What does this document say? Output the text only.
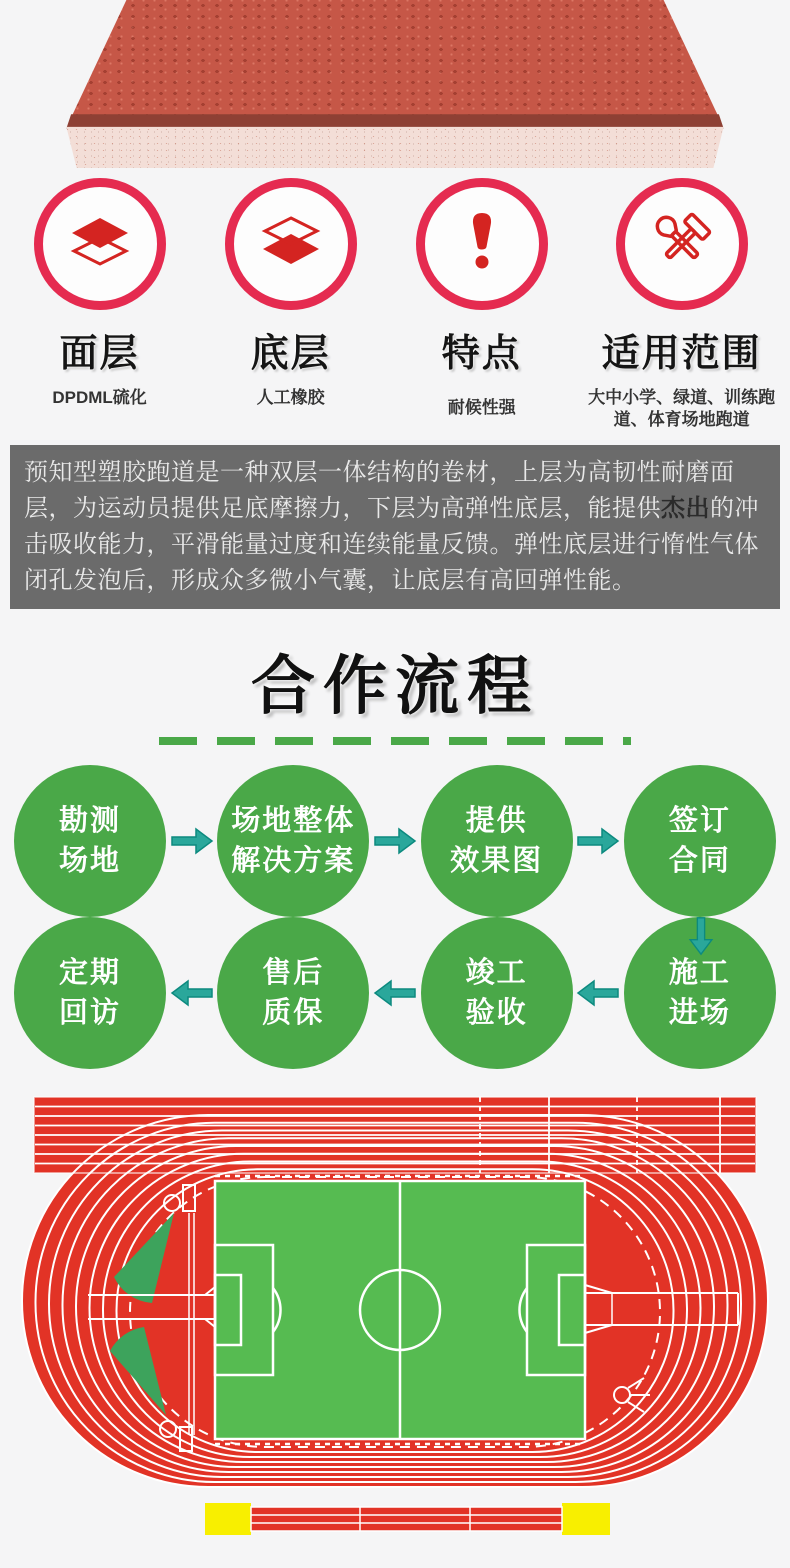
面层
DPDML硫化
底层
人工橡胶
特点
耐候性强
适用范围
大中小学、绿道、训练跑道、体育场地跑道
预知型塑胶跑道是一种双层一体结构的卷材，上层为高韧性耐磨面层，为运动员提供足底摩擦力，下层为高弹性底层，能提供杰出的冲击吸收能力，平滑能量过度和连续能量反馈。弹性底层进行惰性气体闭孔发泡后，形成众多微小气囊，让底层有高回弹性能。
合作流程
勘测
场地
场地整体
解决方案
提供
效果图
签订
合同
定期
回访
售后
质保
竣工
验收
施工
进场
